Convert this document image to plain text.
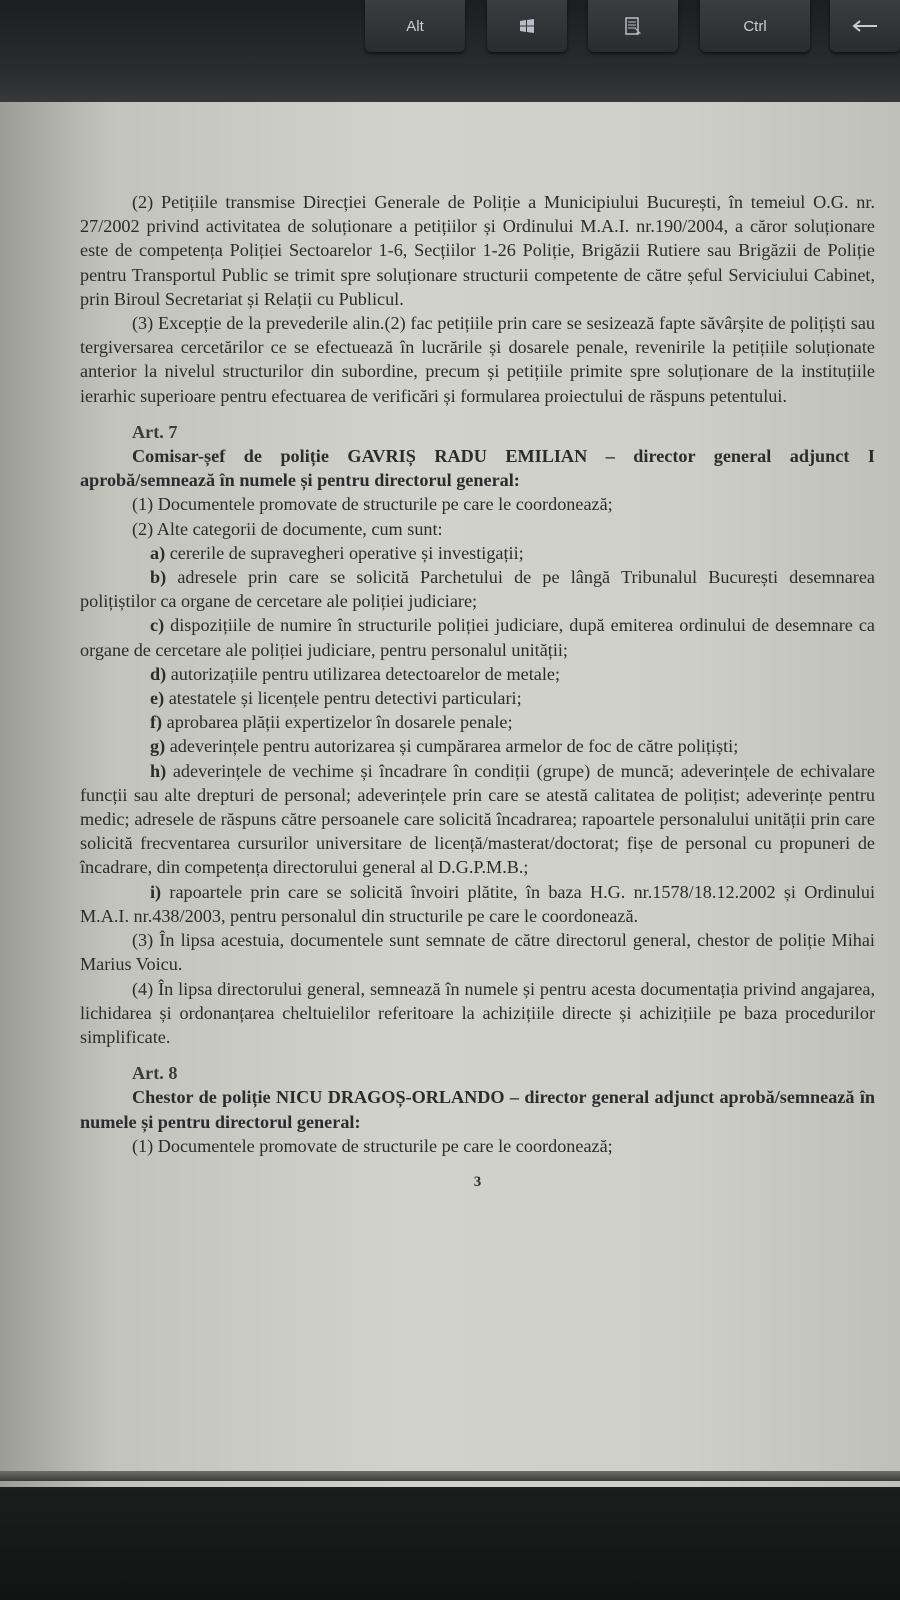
Alt	Ctrl

(2) Petițiile transmise Direcției Generale de Poliție a Municipiului București, în temeiul O.G. nr. 27/2002 privind activitatea de soluționare a petițiilor și Ordinului M.A.I. nr.190/2004, a căror soluționare este de competența Poliției Sectoarelor 1-6, Secțiilor 1-26 Poliție, Brigăzii Rutiere sau Brigăzii de Poliție pentru Transportul Public se trimit spre soluționare structurii competente de către șeful Serviciului Cabinet, prin Biroul Secretariat și Relații cu Publicul.

(3) Excepție de la prevederile alin.(2) fac petițiile prin care se sesizează fapte săvârșite de polițiști sau tergiversarea cercetărilor ce se efectuează în lucrările și dosarele penale, revenirile la petițiile soluționate anterior la nivelul structurilor din subordine, precum și petițiile primite spre soluționare de la instituțiile ierarhic superioare pentru efectuarea de verificări și formularea proiectului de răspuns petentului.

Art. 7

Comisar-șef de poliție GAVRIȘ RADU EMILIAN – director general adjunct I aprobă/semnează în numele și pentru directorul general:

(1) Documentele promovate de structurile pe care le coordonează;

(2) Alte categorii de documente, cum sunt:

a) cererile de supravegheri operative și investigații;

b) adresele prin care se solicită Parchetului de pe lângă Tribunalul București desemnarea polițiștilor ca organe de cercetare ale poliției judiciare;

c) dispozițiile de numire în structurile poliției judiciare, după emiterea ordinului de desemnare ca organe de cercetare ale poliției judiciare, pentru personalul unității;

d) autorizațiile pentru utilizarea detectoarelor de metale;

e) atestatele și licențele pentru detectivi particulari;

f) aprobarea plății expertizelor în dosarele penale;

g) adeverințele pentru autorizarea și cumpărarea armelor de foc de către polițiști;

h) adeverințele de vechime și încadrare în condiții (grupe) de muncă; adeverințele de echivalare funcții sau alte drepturi de personal; adeverințele prin care se atestă calitatea de polițist; adeverințe pentru medic; adresele de răspuns către persoanele care solicită încadrarea; rapoartele personalului unității prin care solicită frecventarea cursurilor universitare de licență/masterat/doctorat; fișe de personal cu propuneri de încadrare, din competența directorului general al D.G.P.M.B.;

i) rapoartele prin care se solicită învoiri plătite, în baza H.G. nr.1578/18.12.2002 și Ordinului M.A.I. nr.438/2003, pentru personalul din structurile pe care le coordonează.

(3) În lipsa acestuia, documentele sunt semnate de către directorul general, chestor de poliție Mihai Marius Voicu.

(4) În lipsa directorului general, semnează în numele și pentru acesta documentația privind angajarea, lichidarea și ordonanțarea cheltuielilor referitoare la achizițiile directe și achizițiile pe baza procedurilor simplificate.

Art. 8

Chestor de poliție NICU DRAGOȘ-ORLANDO – director general adjunct aprobă/semnează în numele și pentru directorul general:

(1) Documentele promovate de structurile pe care le coordonează;

3
